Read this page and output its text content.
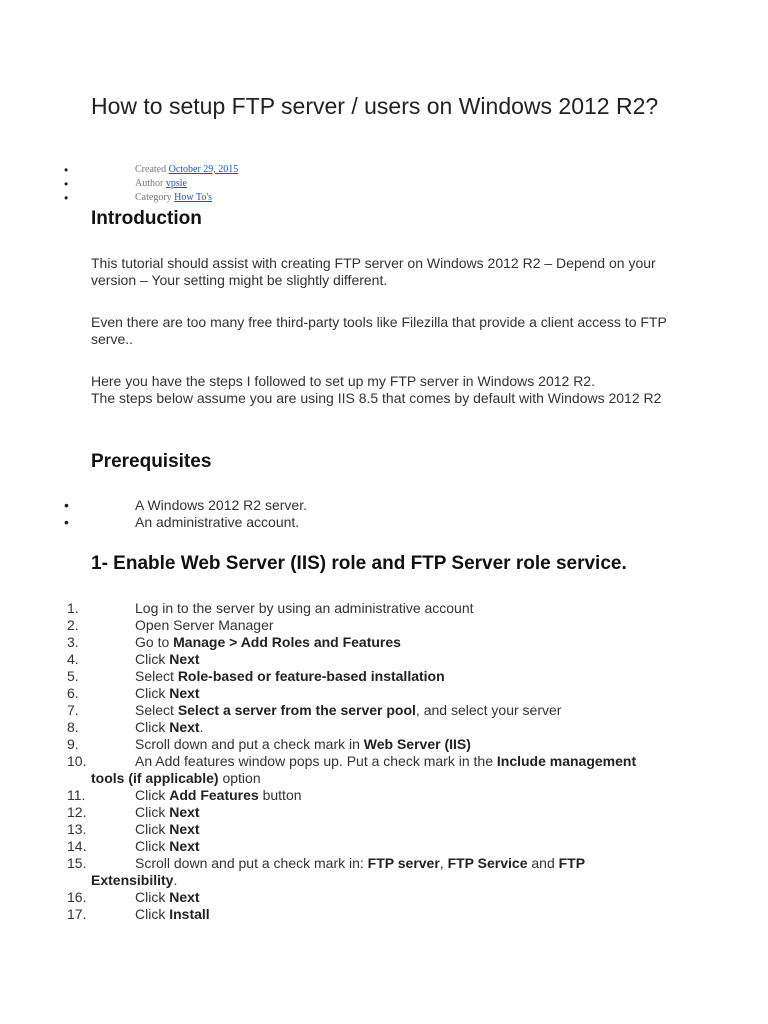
How to setup FTP server / users on Windows 2012 R2?
•	Created October 29, 2015
•	Author vpsie
•	Category How To's
Introduction

This tutorial should assist with creating FTP server on Windows 2012 R2 – Depend on your version – Your setting might be slightly different.

Even there are too many free third-party tools like Filezilla that provide a client access to FTP serve..

Here you have the steps I followed to set up my FTP server in Windows 2012 R2.
The steps below assume you are using IIS 8.5 that comes by default with Windows 2012 R2

Prerequisites
•	A Windows 2012 R2 server.
•	An administrative account.
1- Enable Web Server (IIS) role and FTP Server role service.
1.	Log in to the server by using an administrative account
2.	Open Server Manager
3.	Go to Manage > Add Roles and Features
4.	Click Next
5.	Select Role-based or feature-based installation
6.	Click Next
7.	Select Select a server from the server pool, and select your server
8.	Click Next.
9.	Scroll down and put a check mark in Web Server (IIS)
10.	An Add features window pops up. Put a check mark in the Include management tools (if applicable) option
11.	Click Add Features button
12.	Click Next
13.	Click Next
14.	Click Next
15.	Scroll down and put a check mark in: FTP server, FTP Service and FTP Extensibility.
16.	Click Next
17.	Click Install
